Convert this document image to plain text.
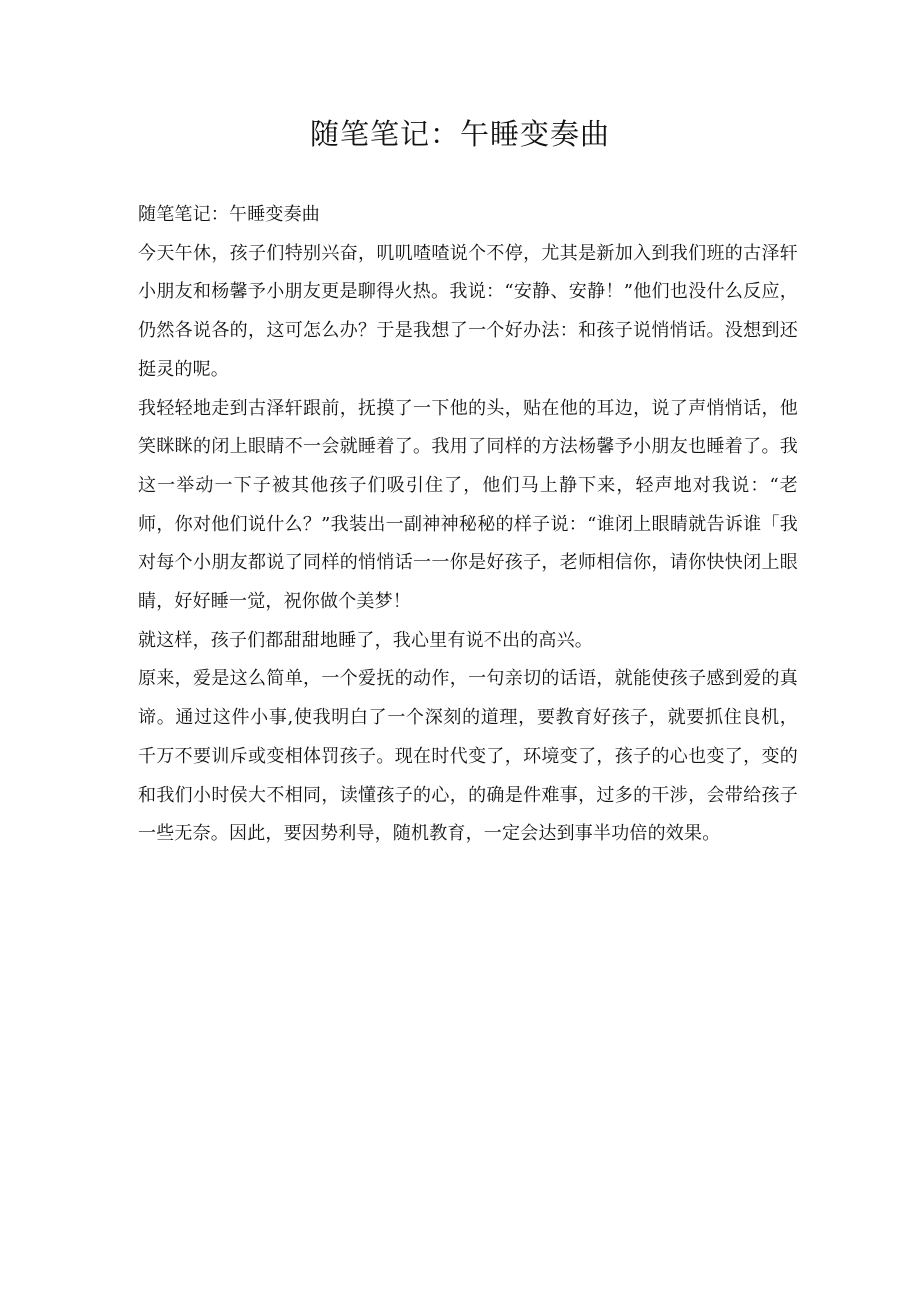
随笔笔记：午睡变奏曲

随笔笔记：午睡变奏曲

今天午休，孩子们特别兴奋，叽叽喳喳说个不停，尤其是新加入到我们班的古泽轩小朋友和杨馨予小朋友更是聊得火热。我说：“安静、安静！”他们也没什么反应，仍然各说各的，这可怎么办？于是我想了一个好办法：和孩子说悄悄话。没想到还挺灵的呢。

我轻轻地走到古泽轩跟前，抚摸了一下他的头，贴在他的耳边，说了声悄悄话，他笑眯眯的闭上眼睛不一会就睡着了。我用了同样的方法杨馨予小朋友也睡着了。我这一举动一下子被其他孩子们吸引住了，他们马上静下来，轻声地对我说：“老师，你对他们说什么？”我装出一副神神秘秘的样子说：“谁闭上眼睛就告诉谁「我对每个小朋友都说了同样的悄悄话一一你是好孩子，老师相信你，请你快快闭上眼睛，好好睡一觉，祝你做个美梦！

就这样，孩子们都甜甜地睡了，我心里有说不出的高兴。

原来，爱是这么简单，一个爱抚的动作，一句亲切的话语，就能使孩子感到爱的真谛。通过这件小事,使我明白了一个深刻的道理，要教育好孩子，就要抓住良机，千万不要训斥或变相体罚孩子。现在时代变了，环境变了，孩子的心也变了，变的和我们小时侯大不相同，读懂孩子的心，的确是件难事，过多的干涉，会带给孩子一些无奈。因此，要因势利导，随机教育，一定会达到事半功倍的效果。
